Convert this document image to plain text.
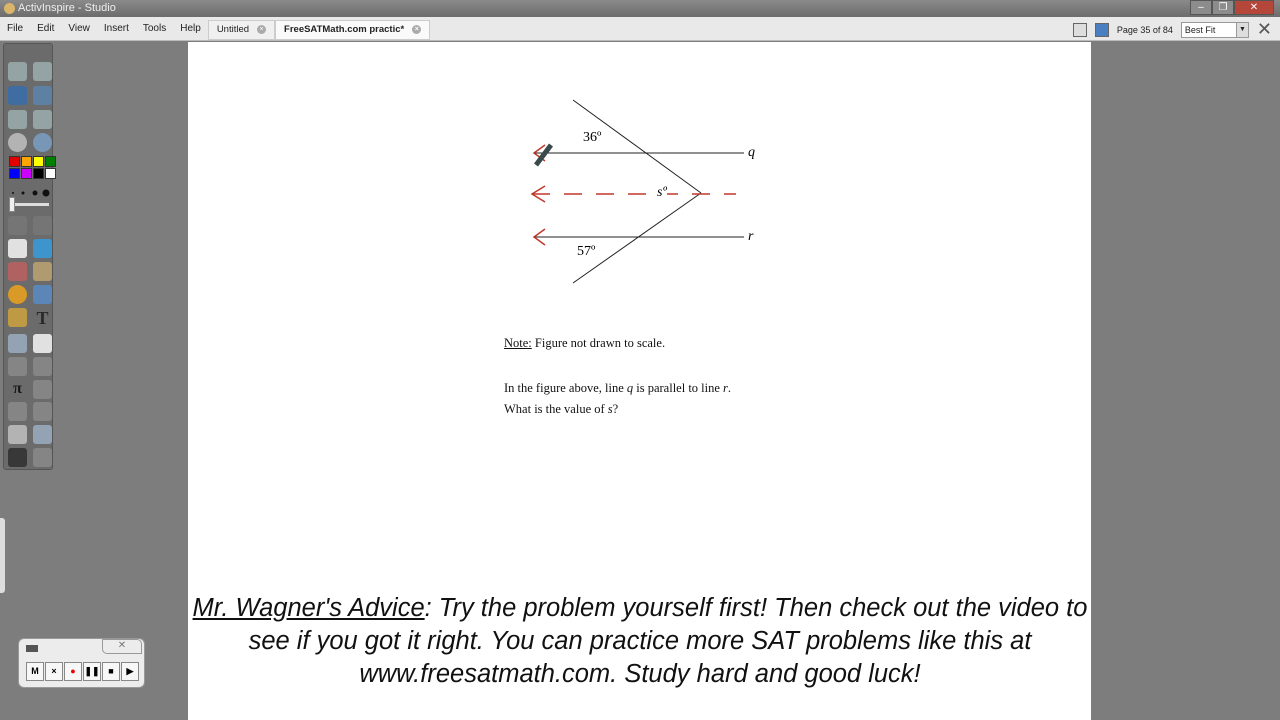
ActivInspire - Studio	–	❐	✕
File	Edit	View	Insert	Tools	Help	Untitled	× FreeSATMath.com practic*	×	Page 35 of 84	Best Fit	▼ ✕
T
π
36º
57º
sº
q
r
Note: Figure not drawn to scale.
In the figure above, line q is parallel to line r.
What is the value of s?
Mr. Wagner's Advice: Try the problem yourself first! Then check out the video to see if you got it right. You can practice more SAT problems like this at www.freesatmath.com. Study hard and good luck!
✕
M	×	● ❚❚ ■	▶
